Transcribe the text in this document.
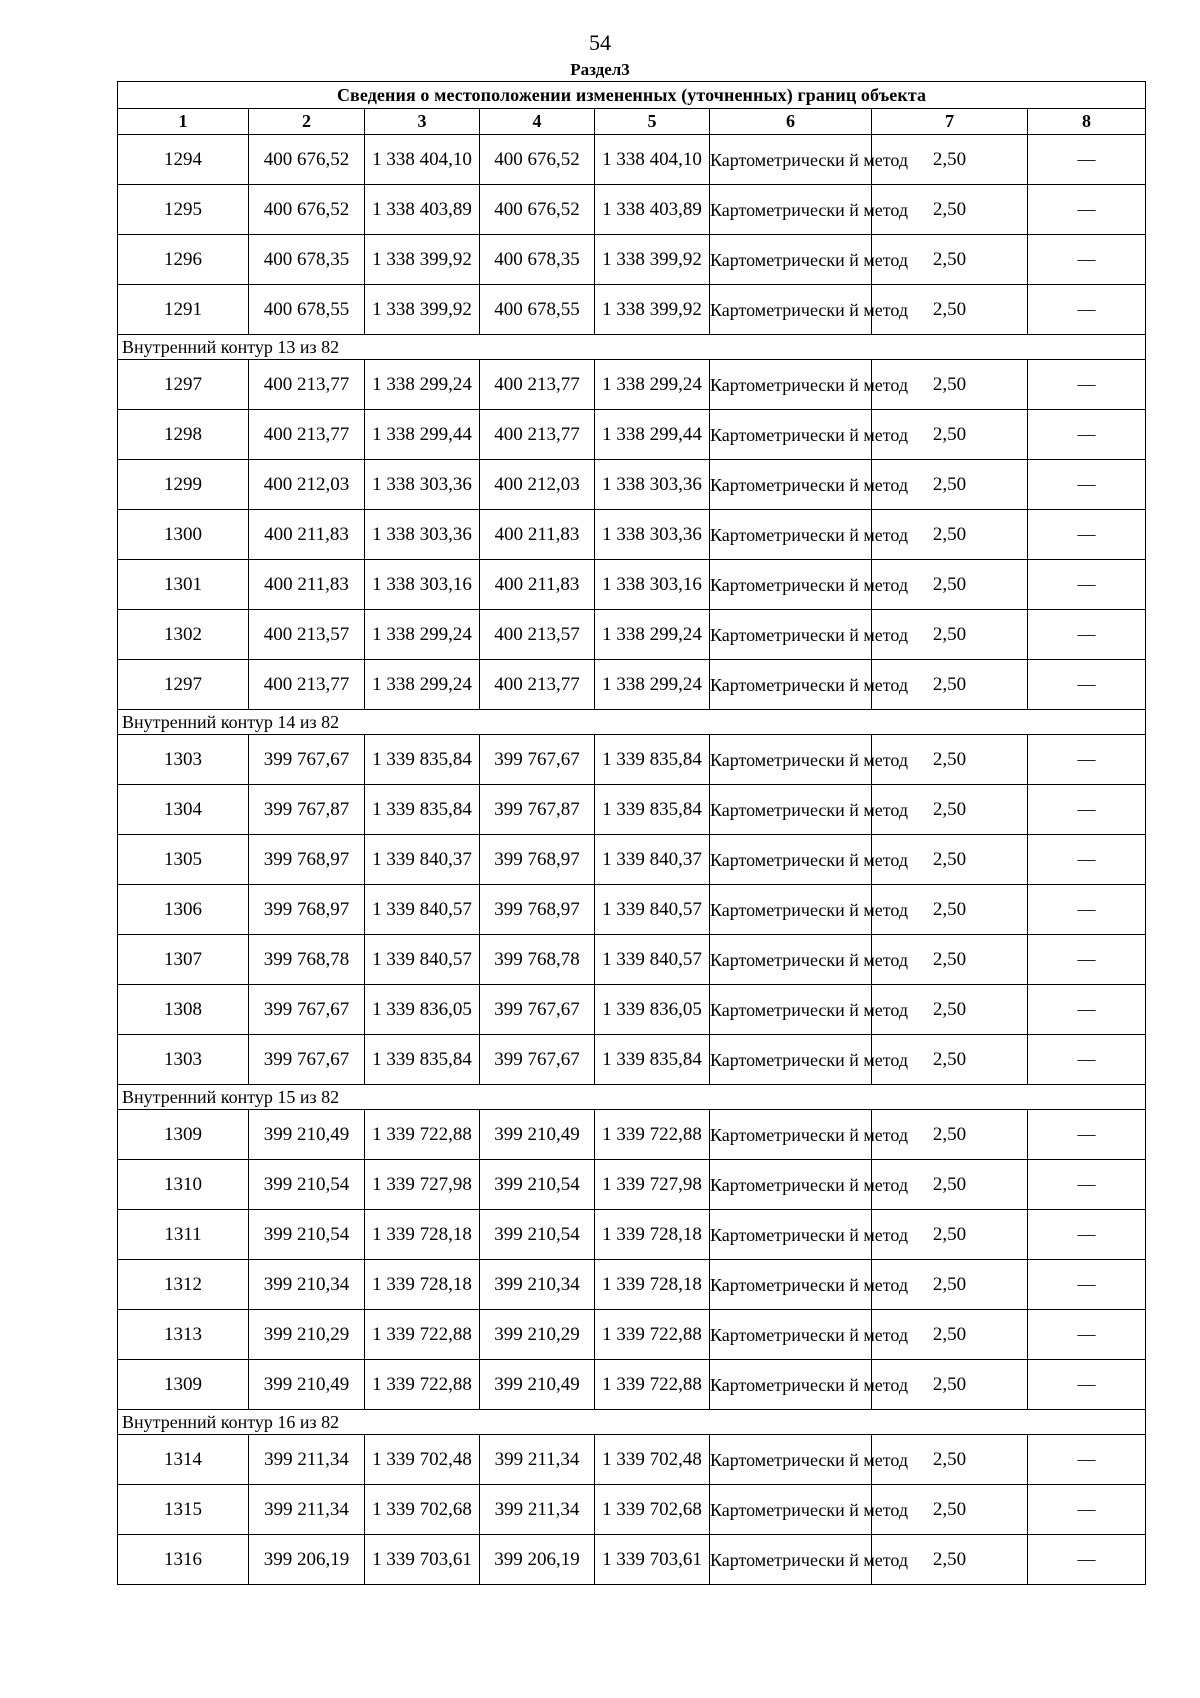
54
Раздел3
Сведения о местоположении измененных (уточненных) границ объекта							
1	2	3	4	5	6	7	8
1294	400 676,52	1 338 404,10	400 676,52	1 338 404,10	Картометрически й метод	2,50	—
1295	400 676,52	1 338 403,89	400 676,52	1 338 403,89	Картометрически й метод	2,50	—
1296	400 678,35	1 338 399,92	400 678,35	1 338 399,92	Картометрически й метод	2,50	—
1291	400 678,55	1 338 399,92	400 678,55	1 338 399,92	Картометрически й метод	2,50	—
Внутренний контур 13 из 82							
1297	400 213,77	1 338 299,24	400 213,77	1 338 299,24	Картометрически й метод	2,50	—
1298	400 213,77	1 338 299,44	400 213,77	1 338 299,44	Картометрически й метод	2,50	—
1299	400 212,03	1 338 303,36	400 212,03	1 338 303,36	Картометрически й метод	2,50	—
1300	400 211,83	1 338 303,36	400 211,83	1 338 303,36	Картометрически й метод	2,50	—
1301	400 211,83	1 338 303,16	400 211,83	1 338 303,16	Картометрически й метод	2,50	—
1302	400 213,57	1 338 299,24	400 213,57	1 338 299,24	Картометрически й метод	2,50	—
1297	400 213,77	1 338 299,24	400 213,77	1 338 299,24	Картометрически й метод	2,50	—
Внутренний контур 14 из 82							
1303	399 767,67	1 339 835,84	399 767,67	1 339 835,84	Картометрически й метод	2,50	—
1304	399 767,87	1 339 835,84	399 767,87	1 339 835,84	Картометрически й метод	2,50	—
1305	399 768,97	1 339 840,37	399 768,97	1 339 840,37	Картометрически й метод	2,50	—
1306	399 768,97	1 339 840,57	399 768,97	1 339 840,57	Картометрически й метод	2,50	—
1307	399 768,78	1 339 840,57	399 768,78	1 339 840,57	Картометрически й метод	2,50	—
1308	399 767,67	1 339 836,05	399 767,67	1 339 836,05	Картометрически й метод	2,50	—
1303	399 767,67	1 339 835,84	399 767,67	1 339 835,84	Картометрически й метод	2,50	—
Внутренний контур 15 из 82							
1309	399 210,49	1 339 722,88	399 210,49	1 339 722,88	Картометрически й метод	2,50	—
1310	399 210,54	1 339 727,98	399 210,54	1 339 727,98	Картометрически й метод	2,50	—
1311	399 210,54	1 339 728,18	399 210,54	1 339 728,18	Картометрически й метод	2,50	—
1312	399 210,34	1 339 728,18	399 210,34	1 339 728,18	Картометрически й метод	2,50	—
1313	399 210,29	1 339 722,88	399 210,29	1 339 722,88	Картометрически й метод	2,50	—
1309	399 210,49	1 339 722,88	399 210,49	1 339 722,88	Картометрически й метод	2,50	—
Внутренний контур 16 из 82							
1314	399 211,34	1 339 702,48	399 211,34	1 339 702,48	Картометрически й метод	2,50	—
1315	399 211,34	1 339 702,68	399 211,34	1 339 702,68	Картометрически й метод	2,50	—
1316	399 206,19	1 339 703,61	399 206,19	1 339 703,61	Картометрически й метод	2,50	—
